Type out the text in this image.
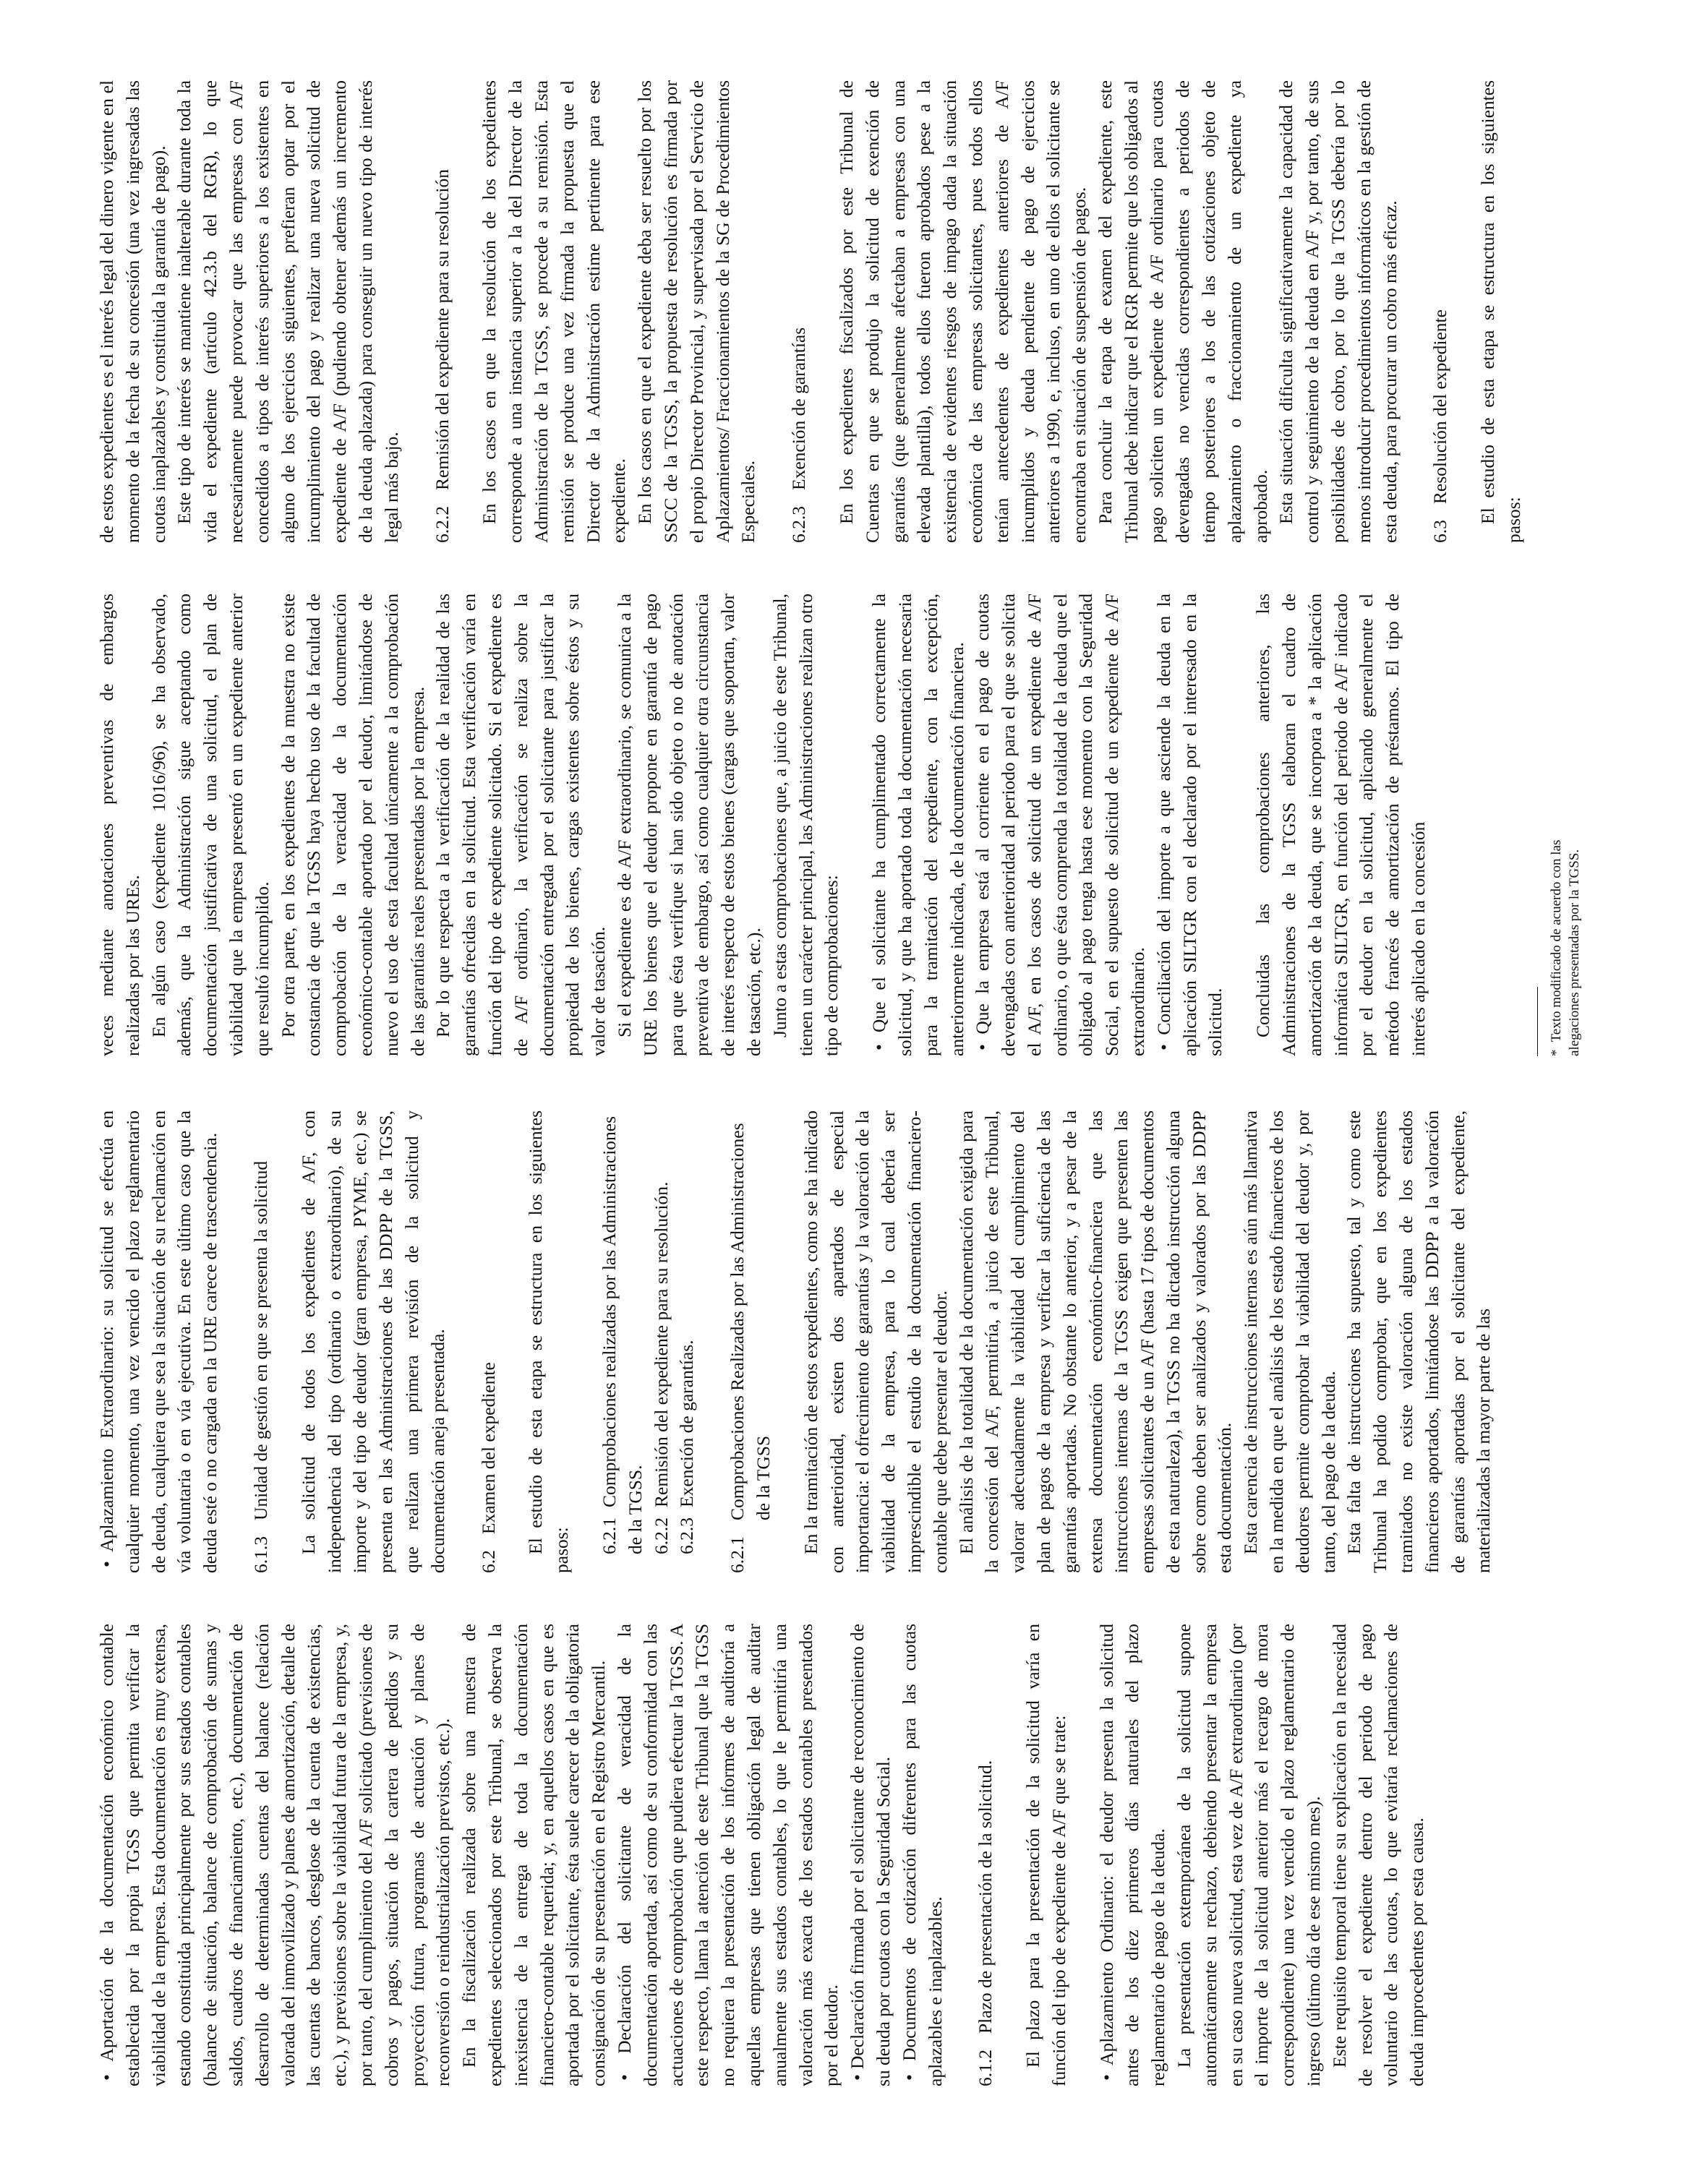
• Aportación de la documentación económico contable establecida por la propia TGSS que permita verificar la viabilidad de la empresa. Esta documentación es muy extensa, estando constituida principalmente por sus estados contables (balance de situación, balance de comprobación de sumas y saldos, cuadros de financiamiento, etc.), documentación de desarrollo de determinadas cuentas del balance (relación valorada del inmovilizado y planes de amortización, detalle de las cuentas de bancos, desglose de la cuenta de existencias, etc.), y previsiones sobre la viabilidad futura de la empresa, y, por tanto, del cumplimiento del A/F solicitado (previsiones de cobros y pagos, situación de la cartera de pedidos y su proyección futura, programas de actuación y planes de reconversión o reindustrialización previstos, etc.). En la fiscalización realizada sobre una muestra de expedientes seleccionados por este Tribunal, se observa la inexistencia de la entrega de toda la documentación financiero-contable requerida; y, en aquellos casos en que es aportada por el solicitante, ésta suele carecer de la obligatoria consignación de su presentación en el Registro Mercantil. • Declaración del solicitante de veracidad de la documentación aportada, así como de su conformidad con las actuaciones de comprobación que pudiera efectuar la TGSS. A este respecto, llama la atención de este Tribunal que la TGSS no requiera la presentación de los informes de auditoría a aquellas empresas que tienen obligación legal de auditar anualmente sus estados contables, lo que le permitiría una valoración más exacta de los estados contables presentados por el deudor. • Declaración firmada por el solicitante de reconocimiento de su deuda por cuotas con la Seguridad Social. • Documentos de cotización diferentes para las cuotas aplazables e inaplazables. 6.1.2
Plazo de presentación de la solicitud. El plazo para la presentación de la solicitud varía en función del tipo de expediente de A/F que se trate: • Aplazamiento Ordinario: el deudor presenta la solicitud antes de los diez primeros días naturales del plazo reglamentario de pago de la deuda. La presentación extemporánea de la solicitud supone automáticamente su rechazo, debiendo presentar la empresa en su caso nueva solicitud, esta vez de A/F extraordinario (por el importe de la solicitud anterior más el recargo de mora correspondiente) una vez vencido el plazo reglamentario de ingreso (último día de ese mismo mes). Este requisito temporal tiene su explicación en la necesidad de resolver el expediente dentro del periodo de pago voluntario de las cuotas, lo que evitaría reclamaciones de deuda improcedentes por esta causa.

• Aplazamiento Extraordinario: su solicitud se efectúa en cualquier momento, una vez vencido el plazo reglamentario de deuda, cualquiera que sea la situación de su reclamación en vía voluntaria o en vía ejecutiva. En este último caso que la deuda esté o no cargada en la URE carece de trascendencia. 6.1.3
Unidad de gestión en que se presenta la solicitud La solicitud de todos los expedientes de A/F, con independencia del tipo (ordinario o extraordinario), de su importe y del tipo de deudor (gran empresa, PYME, etc.) se presenta en las Administraciones de las DDPP de la TGSS, que realizan una primera revisión de la solicitud y documentación aneja presentada. 6.2
Examen del expediente El estudio de esta etapa se estructura en los siguientes pasos: 6.2.1Comprobaciones realizadas por las Administraciones de la TGSS. 6.2.2Remisión del expediente para su resolución.

6.2.3Exención de garantías.

6.2.1
Comprobaciones Realizadas por las Administraciones de la TGSS En la tramitación de estos expedientes, como se ha indicado con anterioridad, existen dos apartados de especial importancia: el ofrecimiento de garantías y la valoración de la viabilidad de la empresa, para lo cual debería ser imprescindible el estudio de la documentación financiero-contable que debe presentar el deudor. El análisis de la totalidad de la documentación exigida para la concesión del A/F, permitiría, a juicio de este Tribunal, valorar adecuadamente la viabilidad del cumplimiento del plan de pagos de la empresa y verificar la suficiencia de las garantías aportadas. No obstante lo anterior, y a pesar de la extensa documentación económico-financiera que las instrucciones internas de la TGSS exigen que presenten las empresas solicitantes de un A/F (hasta 17 tipos de documentos de esta naturaleza), la TGSS no ha dictado instrucción alguna sobre como deben ser analizados y valorados por las DDPP esta documentación. Esta carencia de instrucciones internas es aún más llamativa en la medida en que el análisis de los estado financieros de los deudores permite comprobar la viabilidad del deudor y, por tanto, del pago de la deuda. Esta falta de instrucciones ha supuesto, tal y como este Tribunal ha podido comprobar, que en los expedientes tramitados no existe valoración alguna de los estados financieros aportados, limitándose las DDPP a la valoración de garantías aportadas por el solicitante del expediente, materializadas la mayor parte de las

veces mediante anotaciones preventivas de embargos realizadas por las UREs. En algún caso (expediente 1016/96), se ha observado, además, que la Administración sigue aceptando como documentación justificativa de una solicitud, el plan de viabilidad que la empresa presentó en un expediente anterior que resultó incumplido. Por otra parte, en los expedientes de la muestra no existe constancia de que la TGSS haya hecho uso de la facultad de comprobación de la veracidad de la documentación económico-contable aportado por el deudor, limitándose de nuevo el uso de esta facultad únicamente a la comprobación de las garantías reales presentadas por la empresa. Por lo que respecta a la verificación de la realidad de las garantías ofrecidas en la solicitud. Esta verificación varía en función del tipo de expediente solicitado. Si el expediente es de A/F ordinario, la verificación se realiza sobre la documentación entregada por el solicitante para justificar la propiedad de los bienes, cargas existentes sobre éstos y su valor de tasación. Si el expediente es de A/F extraordinario, se comunica a la URE los bienes que el deudor propone en garantía de pago para que ésta verifique si han sido objeto o no de anotación preventiva de embargo, así como cualquier otra circunstancia de interés respecto de estos bienes (cargas que soportan, valor de tasación, etc.). Junto a estas comprobaciones que, a juicio de este Tribunal, tienen un carácter principal, las Administraciones realizan otro tipo de comprobaciones: • Que el solicitante ha cumplimentado correctamente la solicitud, y que ha aportado toda la documentación necesaria para la tramitación del expediente, con la excepción, anteriormente indicada, de la documentación financiera. • Que la empresa está al corriente en el pago de cuotas devengadas con anterioridad al periodo para el que se solicita el A/F, en los casos de solicitud de un expediente de A/F ordinario, o que ésta comprenda la totalidad de la deuda que el obligado al pago tenga hasta ese momento con la Seguridad Social, en el supuesto de solicitud de un expediente de A/F extraordinario. • Conciliación del importe a que asciende la deuda en la aplicación SILTGR con el declarado por el interesado en la solicitud. Concluidas las comprobaciones anteriores, las Administraciones de la TGSS elaboran el cuadro de amortización de la deuda, que se incorpora a * la aplicación informática SILTGR, en función del periodo de A/F indicado por el deudor en la solicitud, aplicando generalmente el método francés de amortización de préstamos. El tipo de interés aplicado en la concesión

de estos expedientes es el interés legal del dinero vigente en el momento de la fecha de su concesión (una vez ingresadas las cuotas inaplazables y constituida la garantía de pago). Este tipo de interés se mantiene inalterable durante toda la vida el expediente (artículo 42.3.b del RGR), lo que necesariamente puede provocar que las empresas con A/F concedidos a tipos de interés superiores a los existentes en alguno de los ejercicios siguientes, prefieran optar por el incumplimiento del pago y realizar una nueva solicitud de expediente de A/F (pudiendo obtener además un incremento de la deuda aplazada) para conseguir un nuevo tipo de interés legal más bajo. 6.2.2
Remisión del expediente para su resolución En los casos en que la resolución de los expedientes corresponde a una instancia superior a la del Director de la Administración de la TGSS, se procede a su remisión. Esta remisión se produce una vez firmada la propuesta que el Director de la Administración estime pertinente para ese expediente. En los casos en que el expediente deba ser resuelto por los SSCC de la TGSS, la propuesta de resolución es firmada por el propio Director Provincial, y supervisada por el Servicio de Aplazamientos/ Fraccionamientos de la SG de Procedimientos Especiales. 6.2.3
Exención de garantías En los expedientes fiscalizados por este Tribunal de Cuentas en que se produjo la solicitud de exención de garantías (que generalmente afectaban a empresas con una elevada plantilla), todos ellos fueron aprobados pese a la existencia de evidentes riesgos de impago dada la situación económica de las empresas solicitantes, pues todos ellos tenían antecedentes de expedientes anteriores de A/F incumplidos y deuda pendiente de pago de ejercicios anteriores a 1990, e, incluso, en uno de ellos el solicitante se encontraba en situación de suspensión de pagos. Para concluir la etapa de examen del expediente, este Tribunal debe indicar que el RGR permite que los obligados al pago soliciten un expediente de A/F ordinario para cuotas devengadas no vencidas correspondientes a periodos de tiempo posteriores a los de las cotizaciones objeto de aplazamiento o fraccionamiento de un expediente ya aprobado. Esta situación dificulta significativamente la capacidad de control y seguimiento de la deuda en A/F y, por tanto, de sus posibilidades de cobro, por lo que la TGSS debería por lo menos introducir procedimientos informáticos en la gestión de esta deuda, para procurar un cobro más eficaz. 6.3
Resolución del expediente El estudio de esta etapa se estructura en los siguientes pasos:

*Texto modificado de acuerdo con las alegaciones presentadas por la TGSS.
